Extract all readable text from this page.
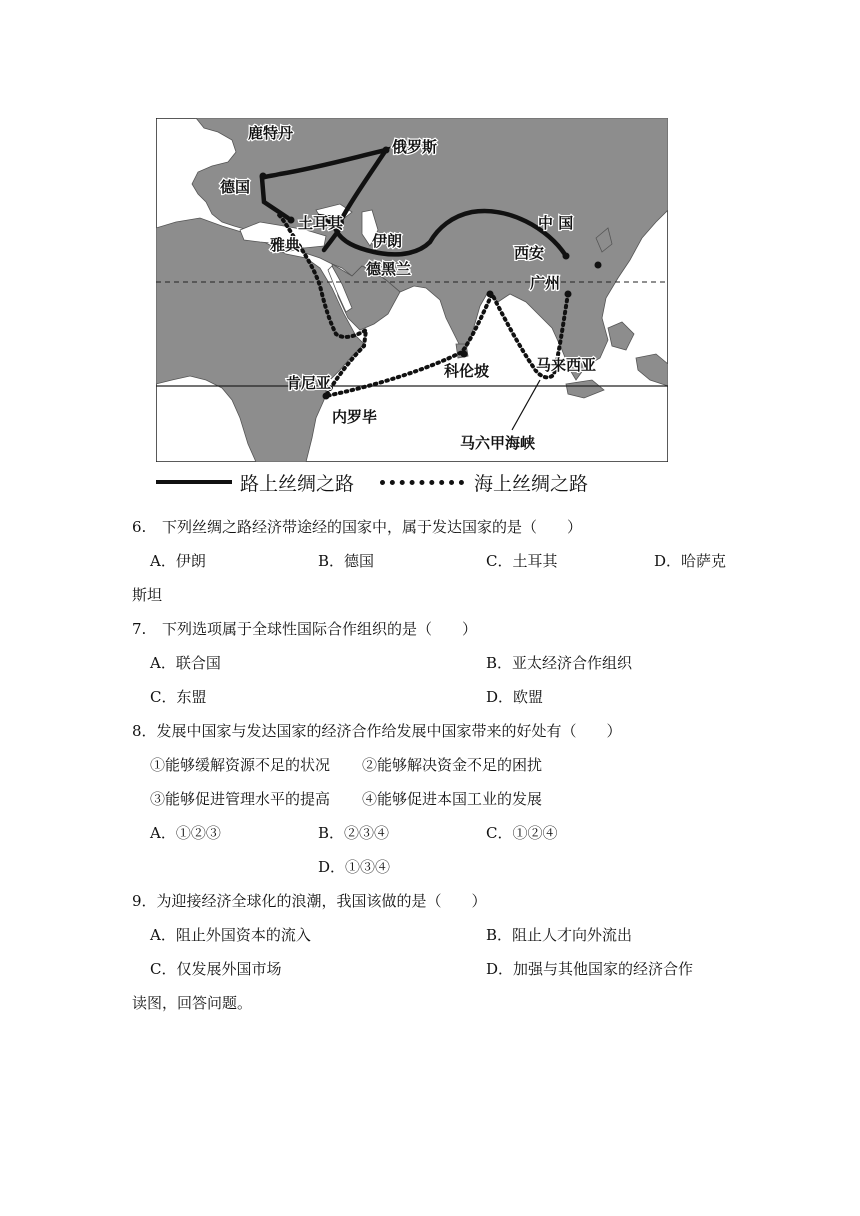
鹿特丹
俄罗斯
德国
土耳其
雅典	伊朗
中 国
西安
德黑兰
广州
肯尼亚
科伦坡	马来西亚
内罗毕
马六甲海峡
路上丝绸之路	海上丝绸之路
6. 下列丝绸之路经济带途经的国家中，属于发达国家的是（　　）
A．伊朗	B．德国	C．土耳其	D．哈萨克
斯坦
7. 下列选项属于全球性国际合作组织的是（　　）
A．联合国	B．亚太经济合作组织
C．东盟	D．欧盟
8．发展中国家与发达国家的经济合作给发展中国家带来的好处有（　　）
①能够缓解资源不足的状况 ②能够解决资金不足的困扰
③能够促进管理水平的提高 ④能够促进本国工业的发展
A．①②③	B．②③④	C．①②④
D．①③④
9．为迎接经济全球化的浪潮，我国该做的是（　　）
A．阻止外国资本的流入	B．阻止人才向外流出
C．仅发展外国市场	D．加强与其他国家的经济合作
读图，回答问题。
